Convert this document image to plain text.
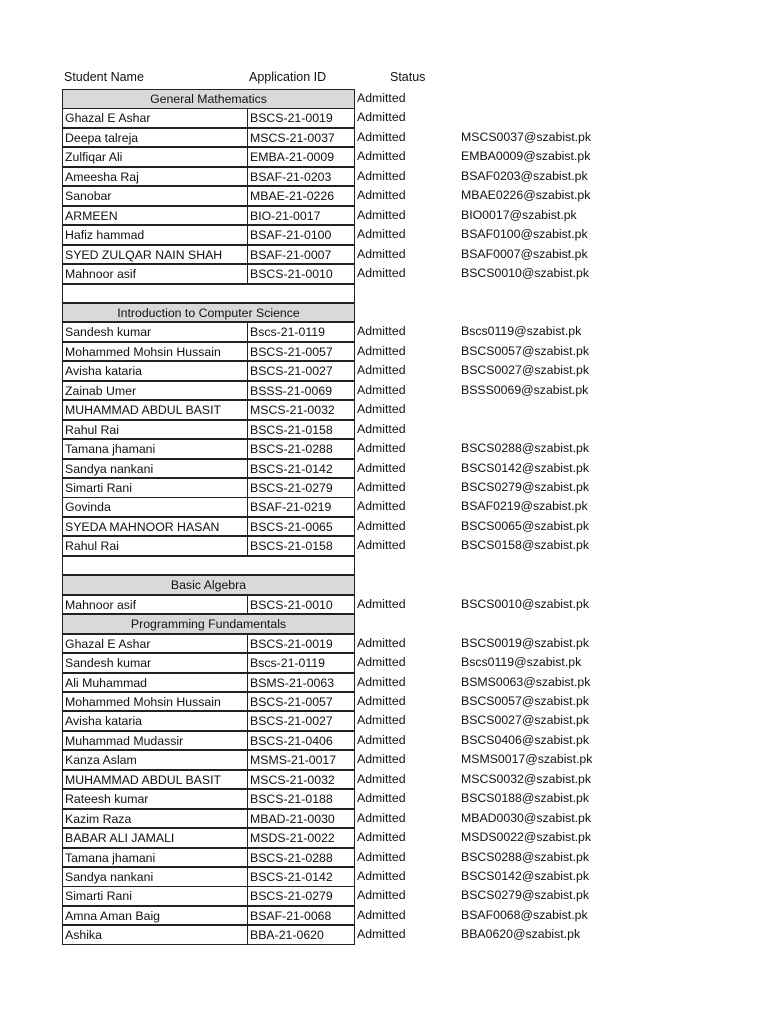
Student Name	Application ID	Status
General Mathematics	Admitted
Ghazal E Ashar	BSCS-21-0019	Admitted
Deepa talreja	MSCS-21-0037	Admitted	MSCS0037@szabist.pk
Zulfiqar Ali	EMBA-21-0009	Admitted	EMBA0009@szabist.pk
Ameesha Raj	BSAF-21-0203	Admitted	BSAF0203@szabist.pk
Sanobar	MBAE-21-0226	Admitted	MBAE0226@szabist.pk
ARMEEN	BIO-21-0017	Admitted	BIO0017@szabist.pk
Hafiz hammad	BSAF-21-0100	Admitted	BSAF0100@szabist.pk
SYED ZULQAR NAIN SHAH	BSAF-21-0007	Admitted	BSAF0007@szabist.pk
Mahnoor asif	BSCS-21-0010	Admitted	BSCS0010@szabist.pk
Introduction to Computer Science
Sandesh kumar	Bscs-21-0119	Admitted	Bscs0119@szabist.pk
Mohammed Mohsin Hussain	BSCS-21-0057	Admitted	BSCS0057@szabist.pk
Avisha kataria	BSCS-21-0027	Admitted	BSCS0027@szabist.pk
Zainab Umer	BSSS-21-0069	Admitted	BSSS0069@szabist.pk
MUHAMMAD ABDUL BASIT	MSCS-21-0032	Admitted
Rahul Rai	BSCS-21-0158	Admitted
Tamana jhamani	BSCS-21-0288	Admitted	BSCS0288@szabist.pk
Sandya nankani	BSCS-21-0142	Admitted	BSCS0142@szabist.pk
Simarti Rani	BSCS-21-0279	Admitted	BSCS0279@szabist.pk
Govinda	BSAF-21-0219	Admitted	BSAF0219@szabist.pk
SYEDA MAHNOOR HASAN	BSCS-21-0065	Admitted	BSCS0065@szabist.pk
Rahul Rai	BSCS-21-0158	Admitted	BSCS0158@szabist.pk
Basic Algebra
Mahnoor asif	BSCS-21-0010	Admitted	BSCS0010@szabist.pk
Programming Fundamentals
Ghazal E Ashar	BSCS-21-0019	Admitted	BSCS0019@szabist.pk
Sandesh kumar	Bscs-21-0119	Admitted	Bscs0119@szabist.pk
Ali Muhammad	BSMS-21-0063	Admitted	BSMS0063@szabist.pk
Mohammed Mohsin Hussain	BSCS-21-0057	Admitted	BSCS0057@szabist.pk
Avisha kataria	BSCS-21-0027	Admitted	BSCS0027@szabist.pk
Muhammad Mudassir	BSCS-21-0406	Admitted	BSCS0406@szabist.pk
Kanza Aslam	MSMS-21-0017	Admitted	MSMS0017@szabist.pk
MUHAMMAD ABDUL BASIT	MSCS-21-0032	Admitted	MSCS0032@szabist.pk
Rateesh kumar	BSCS-21-0188	Admitted	BSCS0188@szabist.pk
Kazim Raza	MBAD-21-0030	Admitted	MBAD0030@szabist.pk
BABAR ALI JAMALI	MSDS-21-0022	Admitted	MSDS0022@szabist.pk
Tamana jhamani	BSCS-21-0288	Admitted	BSCS0288@szabist.pk
Sandya nankani	BSCS-21-0142	Admitted	BSCS0142@szabist.pk
Simarti Rani	BSCS-21-0279	Admitted	BSCS0279@szabist.pk
Amna Aman Baig	BSAF-21-0068	Admitted	BSAF0068@szabist.pk
Ashika	BBA-21-0620	Admitted	BBA0620@szabist.pk
